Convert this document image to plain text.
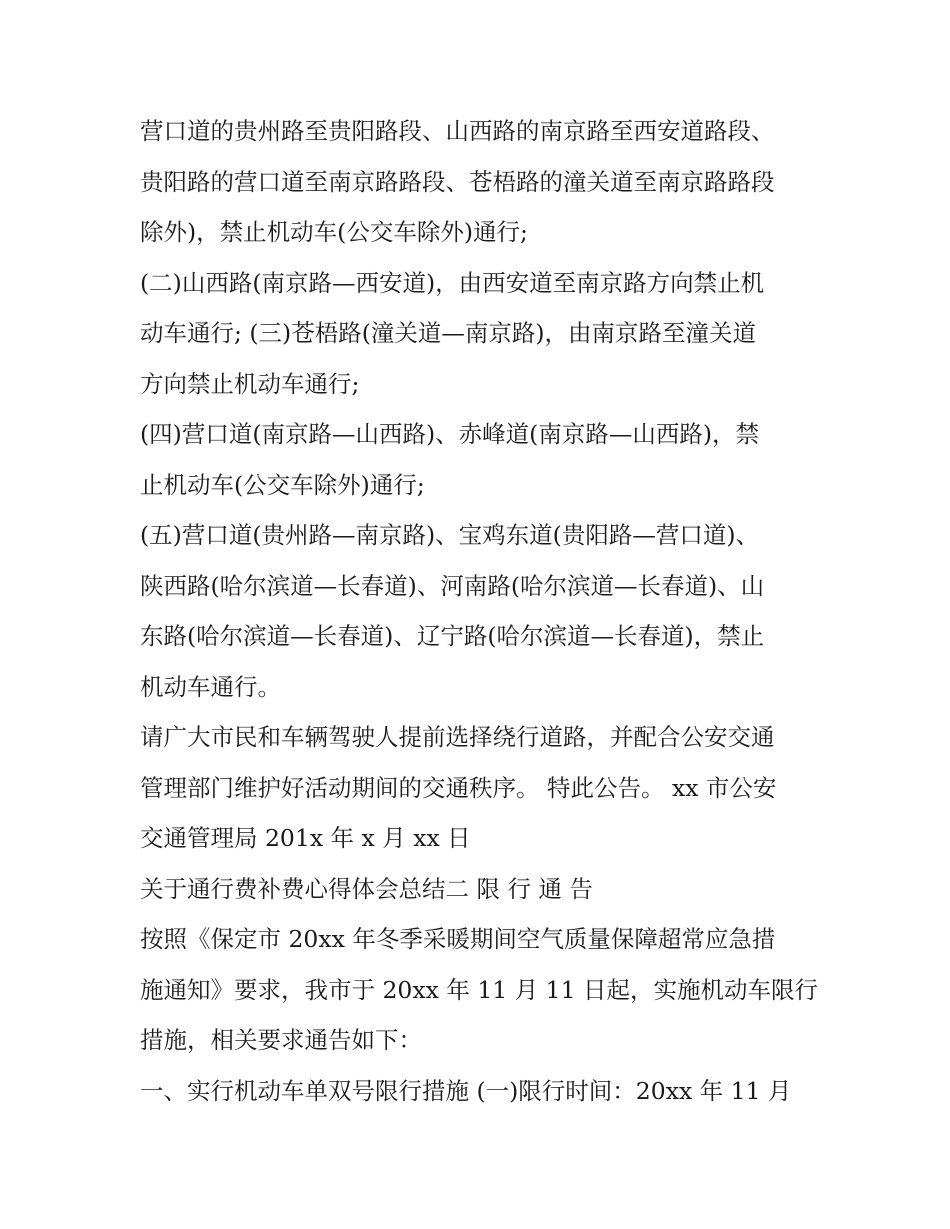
营口道的贵州路至贵阳路段、山西路的南京路至西安道路段、
贵阳路的营口道至南京路路段、苍梧路的潼关道至南京路路段
除外)，禁止机动车(公交车除外)通行;
(二)山西路(南京路—西安道)，由西安道至南京路方向禁止机
动车通行; (三)苍梧路(潼关道—南京路)，由南京路至潼关道
方向禁止机动车通行;
(四)营口道(南京路—山西路)、赤峰道(南京路—山西路)，禁
止机动车(公交车除外)通行;
(五)营口道(贵州路—南京路)、宝鸡东道(贵阳路—营口道)、
陕西路(哈尔滨道—长春道)、河南路(哈尔滨道—长春道)、山
东路(哈尔滨道—长春道)、辽宁路(哈尔滨道—长春道)，禁止
机动车通行。
请广大市民和车辆驾驶人提前选择绕行道路，并配合公安交通
管理部门维护好活动期间的交通秩序。 特此公告。 xx 市公安
交通管理局 201x 年 x 月 xx 日
关于通行费补费心得体会总结二 限 行 通 告
按照《保定市 20xx 年冬季采暖期间空气质量保障超常应急措
施通知》要求，我市于 20xx 年 11 月 11 日起，实施机动车限行
措施，相关要求通告如下：
一、实行机动车单双号限行措施 (一)限行时间：20xx 年 11 月
